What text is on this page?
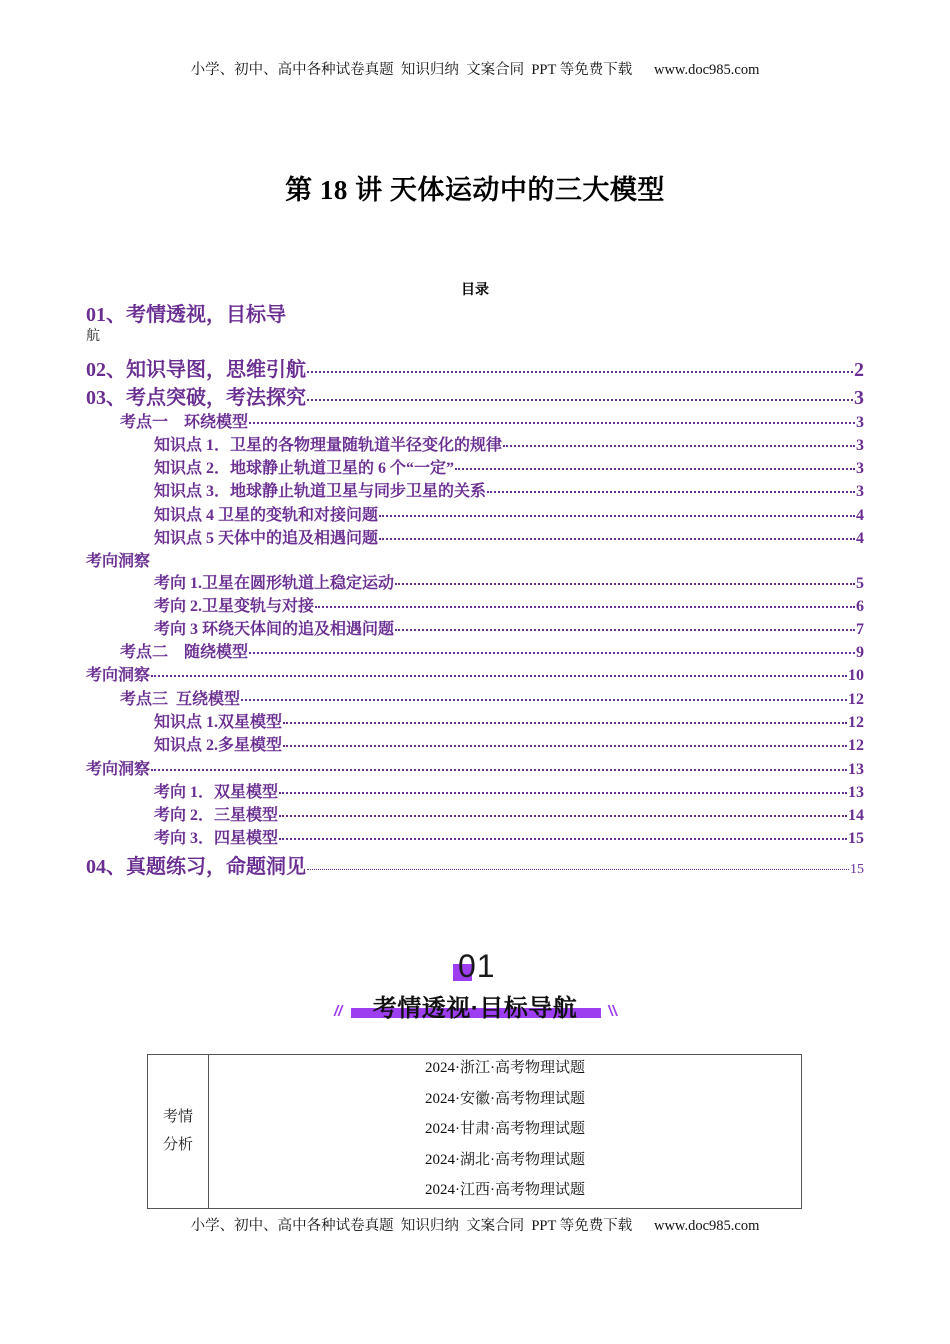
小学、初中、高中各种试卷真题  知识归纳  文案合同  PPT 等免费下载      www.doc985.com
第 18 讲 天体运动中的三大模型
目录
01、考情透视，目标导
航
02、知识导图，思维引航	2
03、考点突破，考法探究	3
考点一    环绕模型	3
知识点 1．卫星的各物理量随轨道半径变化的规律	3
知识点 2．地球静止轨道卫星的 6 个“一定”	3
知识点 3．地球静止轨道卫星与同步卫星的关系	3
知识点 4 卫星的变轨和对接问题	4
知识点 5 天体中的追及相遇问题	4
考向洞察
考向 1.卫星在圆形轨道上稳定运动	5
考向 2.卫星变轨与对接	6
考向 3 环绕天体间的追及相遇问题	7
考点二    随绕模型	9
考向洞察	10
考点三  互绕模型	12
知识点 1.双星模型	12
知识点 2.多星模型	12
考向洞察	13
考向 1．双星模型	13
考向 2．三星模型	14
考向 3．四星模型	15
04、真题练习，命题洞见	15
01
//	考情透视·目标导航	//
考情
分析

2024·浙江·高考物理试题
2024·安徽·高考物理试题
2024·甘肃·高考物理试题
2024·湖北·高考物理试题
2024·江西·高考物理试题
小学、初中、高中各种试卷真题  知识归纳  文案合同  PPT 等免费下载      www.doc985.com
